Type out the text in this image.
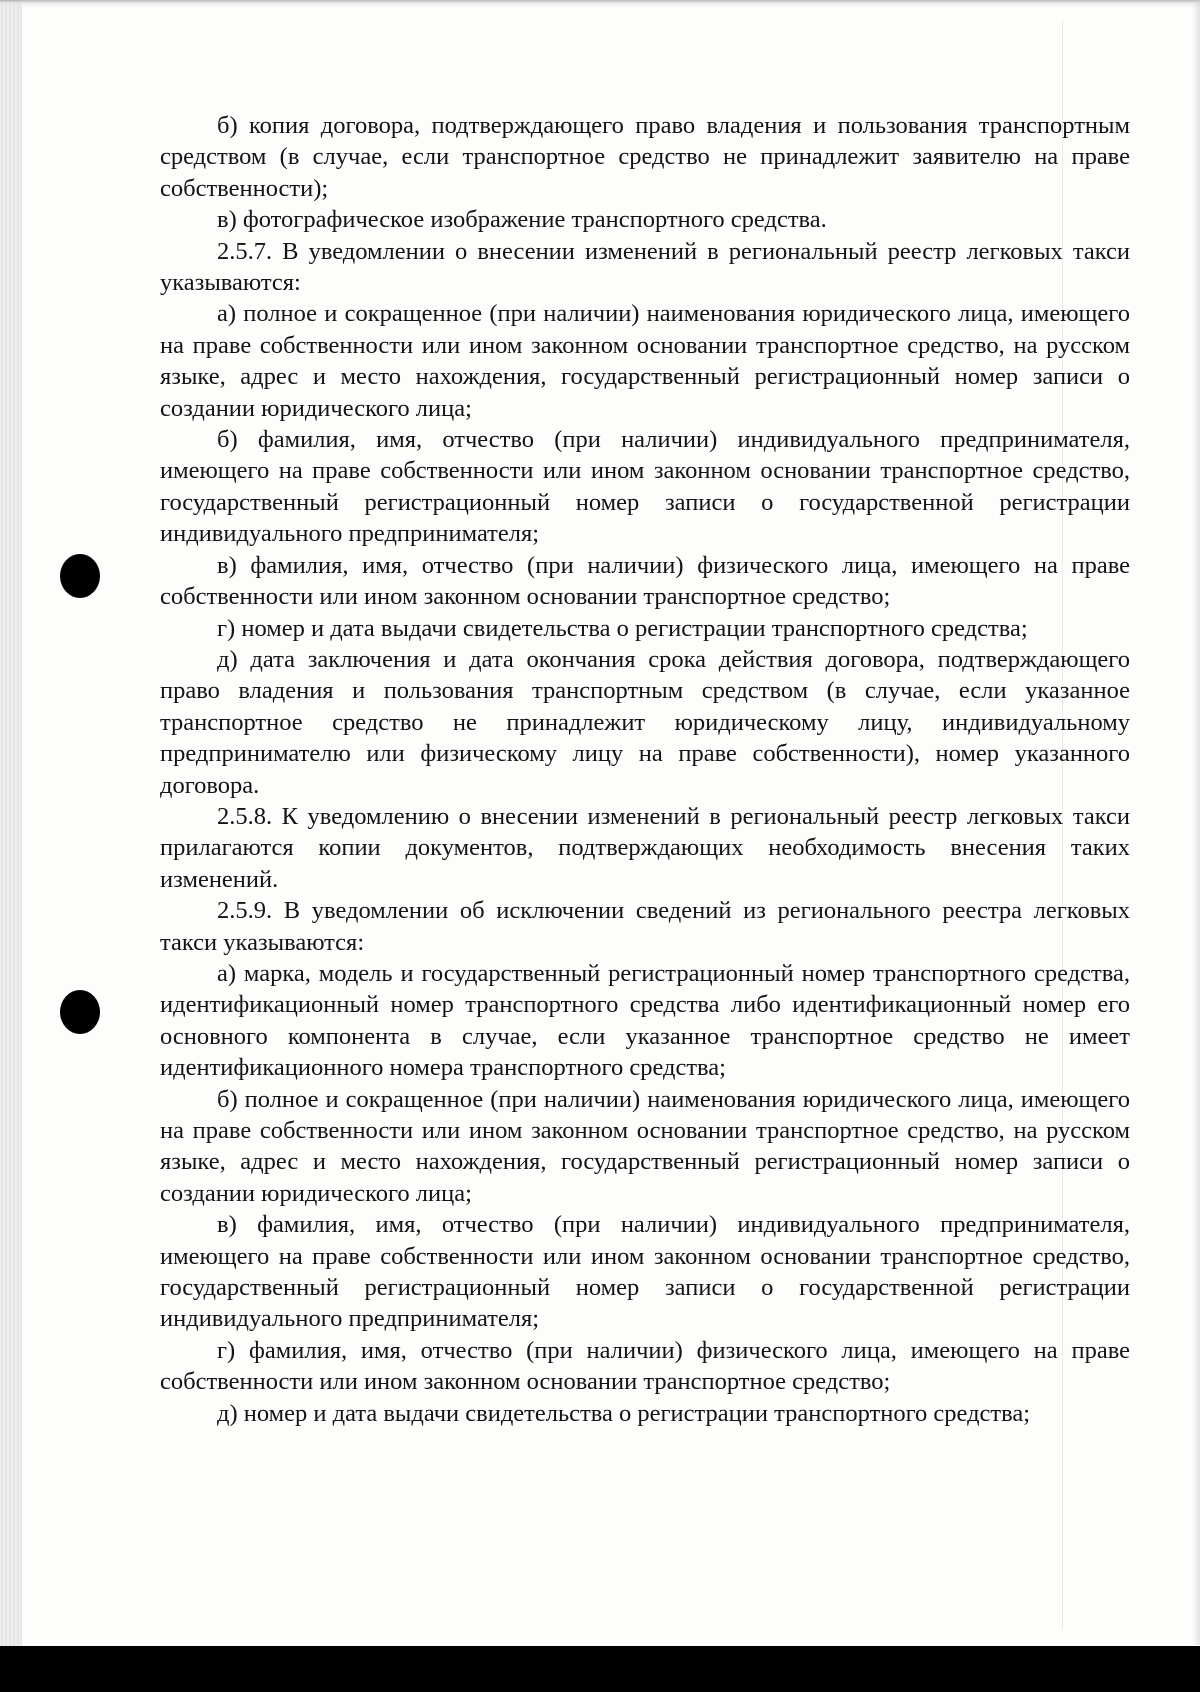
б) копия договора, подтверждающего право владения и пользования транспортным средством (в случае, если транспортное средство не принадлежит заявителю на праве собственности);

в) фотографическое изображение транспортного средства.

2.5.7. В уведомлении о внесении изменений в региональный реестр легковых такси указываются:

а) полное и сокращенное (при наличии) наименования юридического лица, имеющего на праве собственности или ином законном основании транспортное средство, на русском языке, адрес и место нахождения, государственный регистрационный номер записи о создании юридического лица;

б) фамилия, имя, отчество (при наличии) индивидуального предпринимателя, имеющего на праве собственности или ином законном основании транспортное средство, государственный регистрационный номер записи о государственной регистрации индивидуального предпринимателя;

в) фамилия, имя, отчество (при наличии) физического лица, имеющего на праве собственности или ином законном основании транспортное средство;

г) номер и дата выдачи свидетельства о регистрации транспортного средства;

д) дата заключения и дата окончания срока действия договора, подтверждающего право владения и пользования транспортным средством (в случае, если указанное транспортное средство не принадлежит юридическому лицу, индивидуальному предпринимателю или физическому лицу на праве собственности), номер указанного договора.

2.5.8. К уведомлению о внесении изменений в региональный реестр легковых такси прилагаются копии документов, подтверждающих необходимость внесения таких изменений.

2.5.9. В уведомлении об исключении сведений из регионального реестра легковых такси указываются:

а) марка, модель и государственный регистрационный номер транспортного средства, идентификационный номер транспортного средства либо идентификационный номер его основного компонента в случае, если указанное транспортное средство не имеет идентификационного номера транспортного средства;

б) полное и сокращенное (при наличии) наименования юридического лица, имеющего на праве собственности или ином законном основании транспортное средство, на русском языке, адрес и место нахождения, государственный регистрационный номер записи о создании юридического лица;

в) фамилия, имя, отчество (при наличии) индивидуального предпринимателя, имеющего на праве собственности или ином законном основании транспортное средство, государственный регистрационный номер записи о государственной регистрации индивидуального предпринимателя;

г) фамилия, имя, отчество (при наличии) физического лица, имеющего на праве собственности или ином законном основании транспортное средство;

д) номер и дата выдачи свидетельства о регистрации транспортного средства;
